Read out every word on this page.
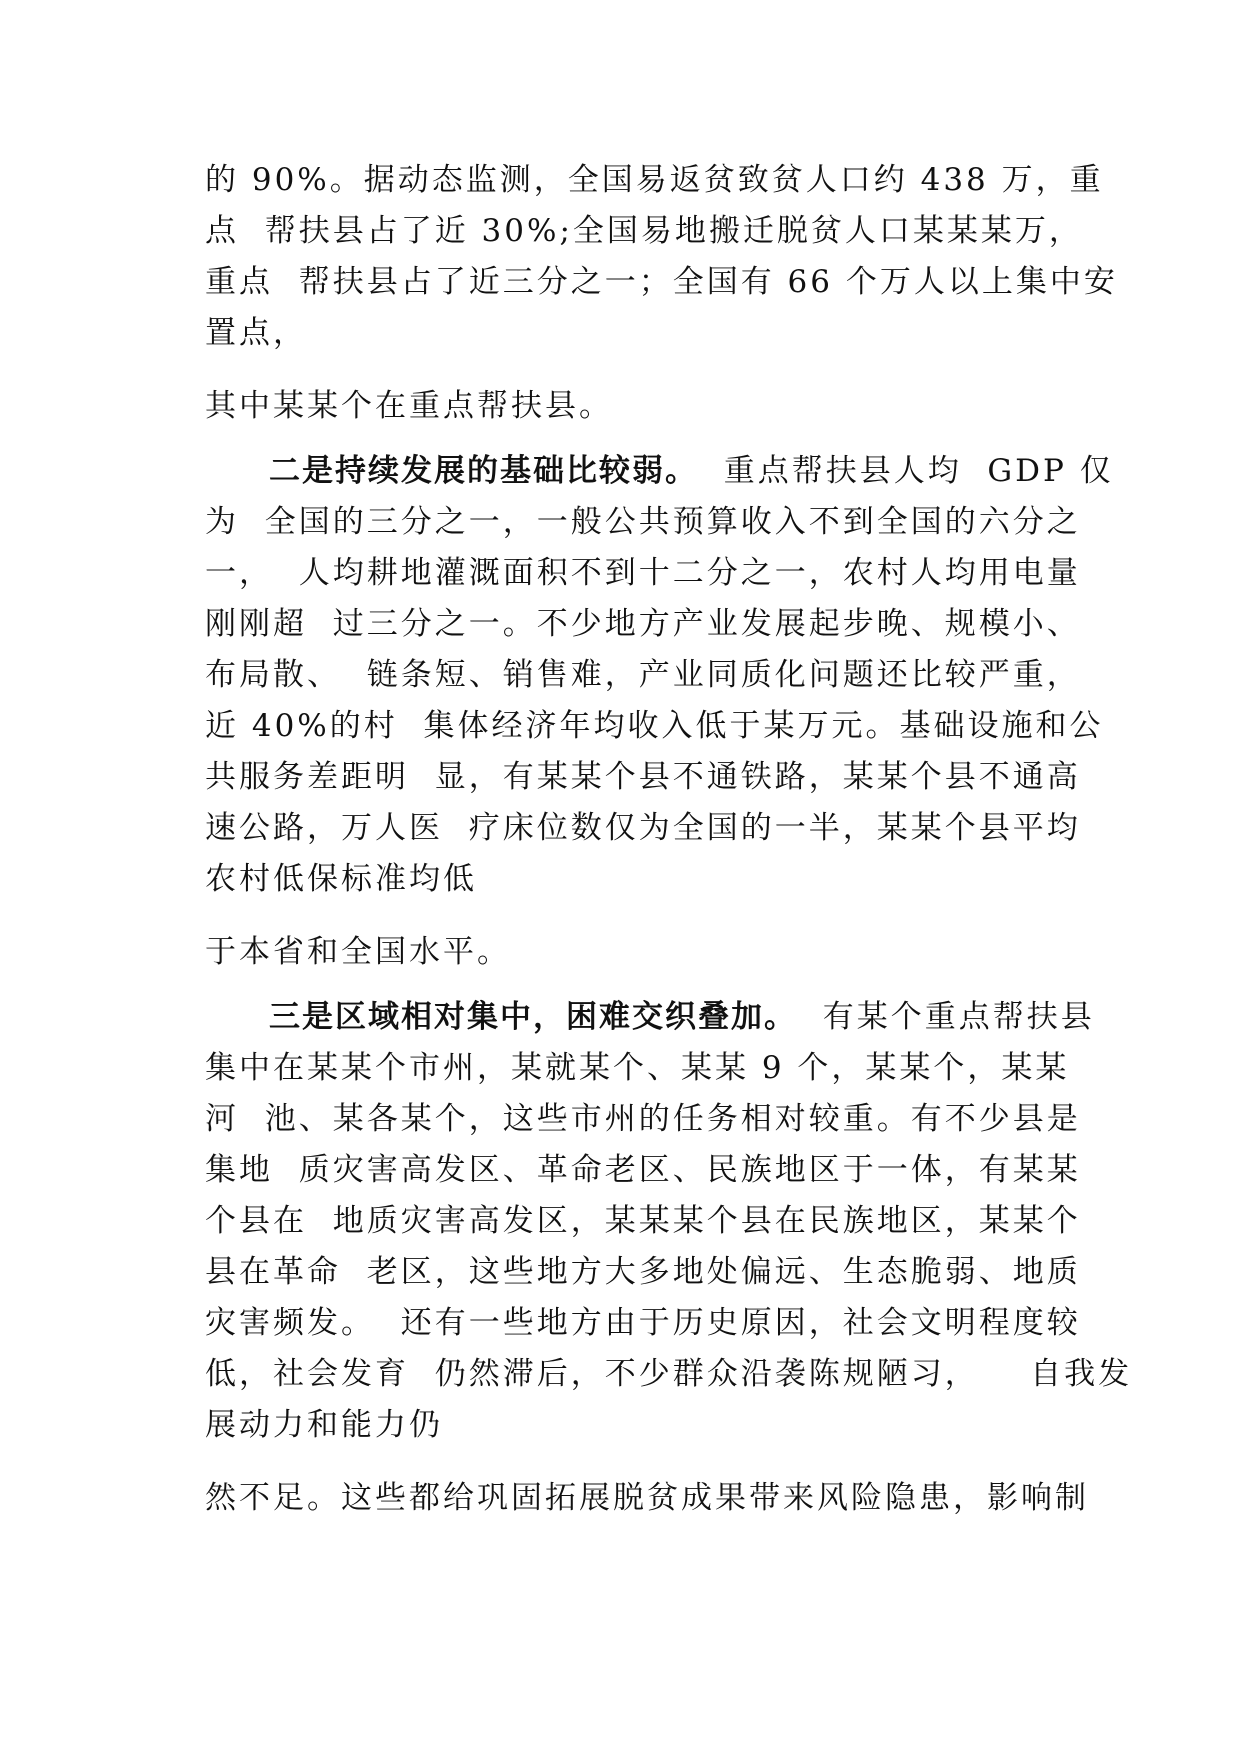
的 90%。据动态监测，全国易返贫致贫人口约 438 万，重
点  帮扶县占了近 30%;全国易地搬迁脱贫人口某某某万，
重点  帮扶县占了近三分之一；全国有 66 个万人以上集中安
置点，
其中某某个在重点帮扶县。
二是持续发展的基础比较弱。  重点帮扶县人均  GDP 仅
为  全国的三分之一，一般公共预算收入不到全国的六分之
一，  人均耕地灌溉面积不到十二分之一，农村人均用电量
刚刚超  过三分之一。不少地方产业发展起步晚、规模小、
布局散、  链条短、销售难，产业同质化问题还比较严重，
近 40%的村  集体经济年均收入低于某万元。基础设施和公
共服务差距明  显，有某某个县不通铁路，某某个县不通高
速公路，万人医  疗床位数仅为全国的一半，某某个县平均
农村低保标准均低
于本省和全国水平。
三是区域相对集中，困难交织叠加。  有某个重点帮扶县
集中在某某个市州，某就某个、某某 9 个，某某个，某某
河  池、某各某个，这些市州的任务相对较重。有不少县是
集地  质灾害高发区、革命老区、民族地区于一体，有某某
个县在  地质灾害高发区，某某某个县在民族地区，某某个
县在革命  老区，这些地方大多地处偏远、生态脆弱、地质
灾害频发。  还有一些地方由于历史原因，社会文明程度较
低，社会发育  仍然滞后，不少群众沿袭陈规陋习，    自我发
展动力和能力仍
然不足。这些都给巩固拓展脱贫成果带来风险隐患，影响制
